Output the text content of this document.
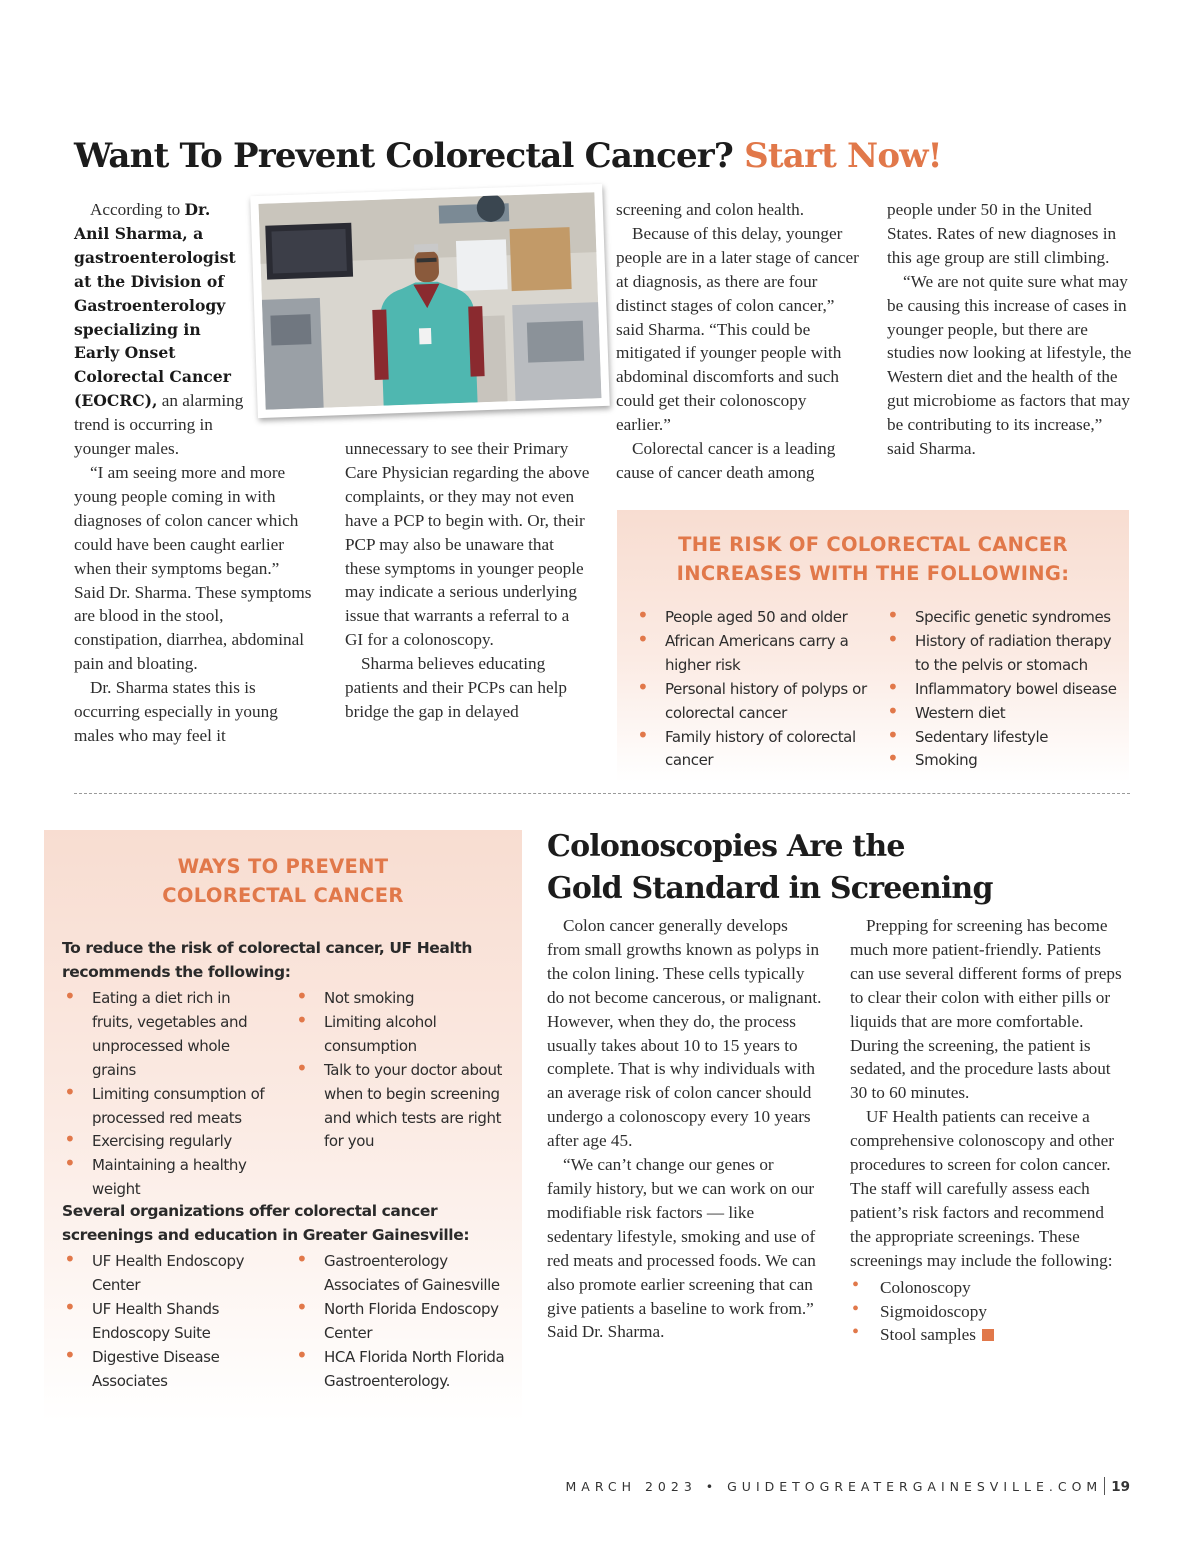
Want To Prevent Colorectal Cancer? Start Now!

According to Dr. Anil Sharma, a gastroenterologist at the Division of Gastroenterology specializing in Early Onset Colorectal Cancer (EOCRC), an alarming trend is occurring in younger males.

“I am seeing more and more young people coming in with diagnoses of colon cancer which could have been caught earlier when their symptoms began.” Said Dr. Sharma. These symptoms are blood in the stool, constipation, diarrhea, abdominal pain and bloating.

Dr. Sharma states this is occurring especially in young males who may feel it

unnecessary to see their Primary Care Physician regarding the above complaints, or they may not even have a PCP to begin with. Or, their PCP may also be unaware that these symptoms in younger people may indicate a serious underlying issue that warrants a referral to a GI for a colonoscopy.

Sharma believes educating patients and their PCPs can help bridge the gap in delayed

screening and colon health.

Because of this delay, younger people are in a later stage of cancer at diagnosis, as there are four distinct stages of colon cancer,” said Sharma. “This could be mitigated if younger people with abdominal discomforts and such could get their colonoscopy earlier.”

Colorectal cancer is a leading cause of cancer death among

people under 50 in the United States. Rates of new diagnoses in this age group are still climbing.

“We are not quite sure what may be causing this increase of cases in younger people, but there are studies now looking at lifestyle, the Western diet and the health of the gut microbiome as factors that may be contributing to its increase,” said Sharma.

THE RISK OF COLORECTAL CANCER
INCREASES WITH THE FOLLOWING:
• People aged 50 and older
• African Americans carry a higher risk
• Personal history of polyps or colorectal cancer
• Family history of colorectal cancer
• Specific genetic syndromes
• History of radiation therapy to the pelvis or stomach
• Inflammatory bowel disease
• Western diet
• Sedentary lifestyle
• Smoking
WAYS TO PREVENT
COLORECTAL CANCER
To reduce the risk of colorectal cancer, UF Health recommends the following:
• Eating a diet rich in fruits, vegetables and unprocessed whole grains
• Limiting consumption of processed red meats
• Exercising regularly
• Maintaining a healthy weight
• Not smoking
• Limiting alcohol consumption
• Talk to your doctor about when to begin screening and which tests are right for you
Several organizations offer colorectal cancer screenings and education in Greater Gainesville:
• UF Health Endoscopy Center
• UF Health Shands Endoscopy Suite
• Digestive Disease Associates
• Gastroenterology Associates of Gainesville
• North Florida Endoscopy Center
• HCA Florida North Florida Gastroenterology.
Colonoscopies Are the
Gold Standard in Screening

Colon cancer generally develops from small growths known as polyps in the colon lining. These cells typically do not become cancerous, or malignant. However, when they do, the process usually takes about 10 to 15 years to complete. That is why individuals with an average risk of colon cancer should undergo a colonoscopy every 10 years after age 45.

“We can’t change our genes or family history, but we can work on our modifiable risk factors — like sedentary lifestyle, smoking and use of red meats and processed foods. We can also promote earlier screening that can give patients a baseline to work from.” Said Dr. Sharma.

Prepping for screening has become much more patient-friendly. Patients can use several different forms of preps to clear their colon with either pills or liquids that are more comfortable. During the screening, the patient is sedated, and the procedure lasts about 30 to 60 minutes.

UF Health patients can receive a comprehensive colonoscopy and other procedures to screen for colon cancer. The staff will carefully assess each patient’s risk factors and recommend the appropriate screenings. These screenings may include the following:

• Colonoscopy
• Sigmoidoscopy
• Stool samples
MARCH 2023 • GUIDETOGREATERGAINESVILLE.COM 19
